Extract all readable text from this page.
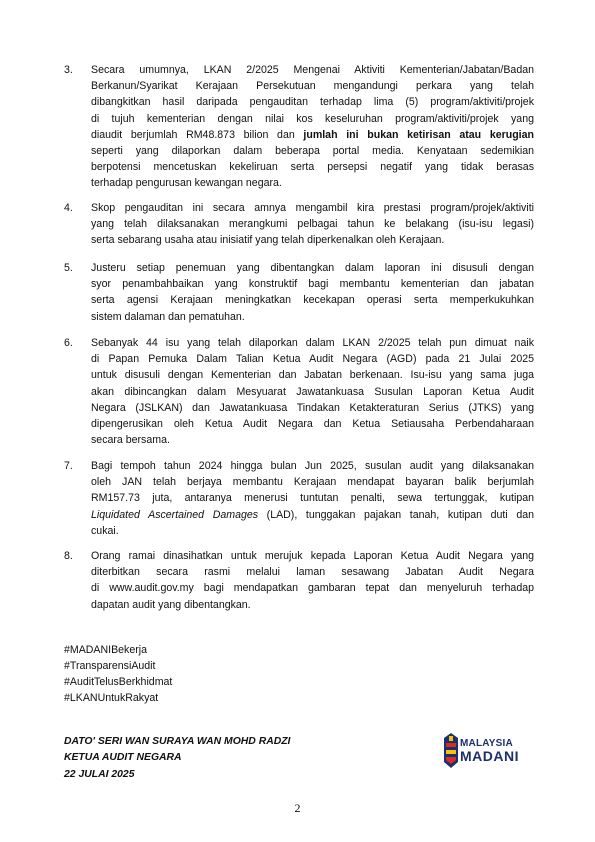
3. Secara umumnya, LKAN 2/2025 Mengenai Aktiviti Kementerian/Jabatan/Badan
Berkanun/Syarikat Kerajaan Persekutuan mengandungi perkara yang telah
dibangkitkan hasil daripada pengauditan terhadap lima (5) program/aktiviti/projek
di tujuh kementerian dengan nilai kos keseluruhan program/aktiviti/projek yang
diaudit berjumlah RM48.873 bilion dan jumlah ini bukan ketirisan atau kerugian
seperti yang dilaporkan dalam beberapa portal media. Kenyataan sedemikian
berpotensi mencetuskan kekeliruan serta persepsi negatif yang tidak berasas
terhadap pengurusan kewangan negara.
4. Skop pengauditan ini secara amnya mengambil kira prestasi program/projek/aktiviti
yang telah dilaksanakan merangkumi pelbagai tahun ke belakang (isu-isu legasi)
serta sebarang usaha atau inisiatif yang telah diperkenalkan oleh Kerajaan.
5. Justeru setiap penemuan yang dibentangkan dalam laporan ini disusuli dengan
syor penambahbaikan yang konstruktif bagi membantu kementerian dan jabatan
serta agensi Kerajaan meningkatkan kecekapan operasi serta memperkukuhkan
sistem dalaman dan pematuhan.
6. Sebanyak 44 isu yang telah dilaporkan dalam LKAN 2/2025 telah pun dimuat naik
di Papan Pemuka Dalam Talian Ketua Audit Negara (AGD) pada 21 Julai 2025
untuk disusuli dengan Kementerian dan Jabatan berkenaan. Isu-isu yang sama juga
akan dibincangkan dalam Mesyuarat Jawatankuasa Susulan Laporan Ketua Audit
Negara (JSLKAN) dan Jawatankuasa Tindakan Ketakteraturan Serius (JTKS) yang
dipengerusikan oleh Ketua Audit Negara dan Ketua Setiausaha Perbendaharaan
secara bersama.
7. Bagi tempoh tahun 2024 hingga bulan Jun 2025, susulan audit yang dilaksanakan
oleh JAN telah berjaya membantu Kerajaan mendapat bayaran balik berjumlah
RM157.73 juta, antaranya menerusi tuntutan penalti, sewa tertunggak, kutipan
Liquidated Ascertained Damages (LAD), tunggakan pajakan tanah, kutipan duti dan
cukai.
8. Orang ramai dinasihatkan untuk merujuk kepada Laporan Ketua Audit Negara yang
diterbitkan secara rasmi melalui laman sesawang Jabatan Audit Negara
di www.audit.gov.my bagi mendapatkan gambaran tepat dan menyeluruh terhadap
dapatan audit yang dibentangkan.
#MADANIBekerja
#TransparensiAudit
#AuditTelusBerkhidmat
#LKANUntukRakyat
DATO' SERI WAN SURAYA WAN MOHD RADZI
KETUA AUDIT NEGARA
22 JULAI 2025
MALAYSIA
MADANI
2
